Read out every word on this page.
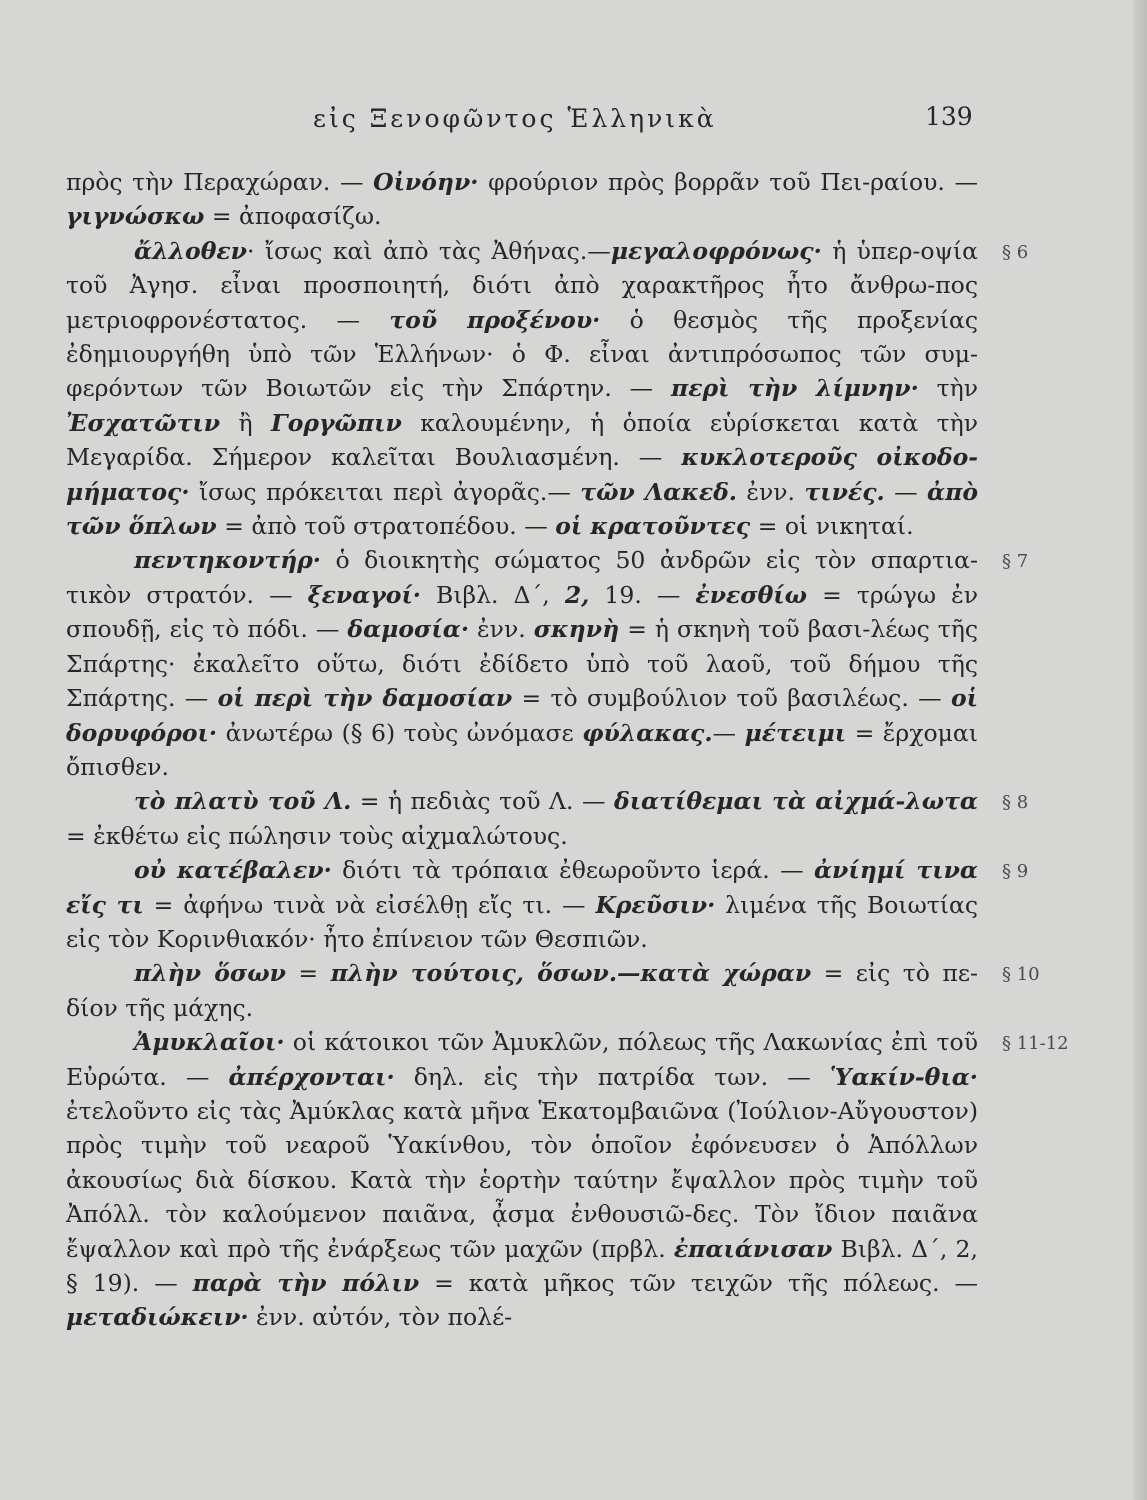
εἰς Ξενοφῶντος Ἑλληνικὰ	139

πρὸς τὴν Περαχώραν. — Οἰνόην· φρούριον πρὸς βορρᾶν τοῦ Πει-ραίου. — γιγνώσκω = ἀποφασίζω.

§ 6
ἄλλοθεν· ἴσως καὶ ἀπὸ τὰς Ἀθήνας.—μεγαλοφρόνως· ἡ ὑπερ-οψία τοῦ Ἀγησ. εἶναι προσποιητή, διότι ἀπὸ χαρακτῆρος ἦτο ἄνθρω-πος μετριοφρονέστατος. — τοῦ προξένου· ὁ θεσμὸς τῆς προξενίας ἐδημιουργήθη ὑπὸ τῶν Ἑλλήνων· ὁ Φ. εἶναι ἀντιπρόσωπος τῶν συμ-φερόντων τῶν Βοιωτῶν εἰς τὴν Σπάρτην. — περὶ τὴν λίμνην· τὴν Ἐσχατῶτιν ἢ Γοργῶπιν καλουμένην, ἡ ὁποία εὑρίσκεται κατὰ τὴν Μεγαρίδα. Σήμερον καλεῖται Βουλιασμένη. — κυκλοτεροῦς οἰκοδο-μήματος· ἴσως πρόκειται περὶ ἀγορᾶς.— τῶν Λακεδ. ἐνν. τινές. — ἀπὸ τῶν ὅπλων = ἀπὸ τοῦ στρατοπέδου. — οἱ κρατοῦντες = οἱ νικηταί.

§ 7
πεντηκοντήρ· ὁ διοικητὴς σώματος 50 ἀνδρῶν εἰς τὸν σπαρτια-τικὸν στρατόν. — ξεναγοί· Βιβλ. Δ΄, 2, 19. — ἐνεσθίω = τρώγω ἐν σπουδῇ, εἰς τὸ πόδι. — δαμοσία· ἐνν. σκηνὴ = ἡ σκηνὴ τοῦ βασι-λέως τῆς Σπάρτης· ἐκαλεῖτο οὕτω, διότι ἐδίδετο ὑπὸ τοῦ λαοῦ, τοῦ δήμου τῆς Σπάρτης. — οἱ περὶ τὴν δαμοσίαν = τὸ συμβούλιον τοῦ βασιλέως. — οἱ δορυφόροι· ἀνωτέρω (§ 6) τοὺς ὠνόμασε φύλακας.— μέτειμι = ἔρχομαι ὄπισθεν.

§ 8
τὸ πλατὺ τοῦ Λ. = ἡ πεδιὰς τοῦ Λ. — διατίθεμαι τὰ αἰχμά-λωτα = ἐκθέτω εἰς πώλησιν τοὺς αἰχμαλώτους.

§ 9
οὐ κατέβαλεν· διότι τὰ τρόπαια ἐθεωροῦντο ἱερά. — ἀνίημί τινα εἴς τι = ἀφήνω τινὰ νὰ εἰσέλθῃ εἴς τι. — Κρεῦσιν· λιμένα τῆς Βοιωτίας εἰς τὸν Κορινθιακόν· ἦτο ἐπίνειον τῶν Θεσπιῶν.

§ 10
πλὴν ὅσων = πλὴν τούτοις, ὅσων.—κατὰ χώραν = εἰς τὸ πε-δίον τῆς μάχης.

§ 11-12
Ἀμυκλαῖοι· οἱ κάτοικοι τῶν Ἀμυκλῶν, πόλεως τῆς Λακωνίας ἐπὶ τοῦ Εὐρώτα. — ἀπέρχονται· δηλ. εἰς τὴν πατρίδα των. — Ὑακίν-θια· ἐτελοῦντο εἰς τὰς Ἀμύκλας κατὰ μῆνα Ἑκατομβαιῶνα (Ἰούλιον-Αὔγουστον) πρὸς τιμὴν τοῦ νεαροῦ Ὑακίνθου, τὸν ὁποῖον ἐφόνευσεν ὁ Ἀπόλλων ἀκουσίως διὰ δίσκου. Κατὰ τὴν ἑορτὴν ταύτην ἔψαλλον πρὸς τιμὴν τοῦ Ἀπόλλ. τὸν καλούμενον παιᾶνα, ᾆσμα ἐνθουσιῶ-δες. Τὸν ἴδιον παιᾶνα ἔψαλλον καὶ πρὸ τῆς ἐνάρξεως τῶν μαχῶν (πρβλ. ἐπαιάνισαν Βιβλ. Δ΄, 2, § 19). — παρὰ τὴν πόλιν = κατὰ μῆκος τῶν τειχῶν τῆς πόλεως. — μεταδιώκειν· ἐνν. αὐτόν, τὸν πολέ-
